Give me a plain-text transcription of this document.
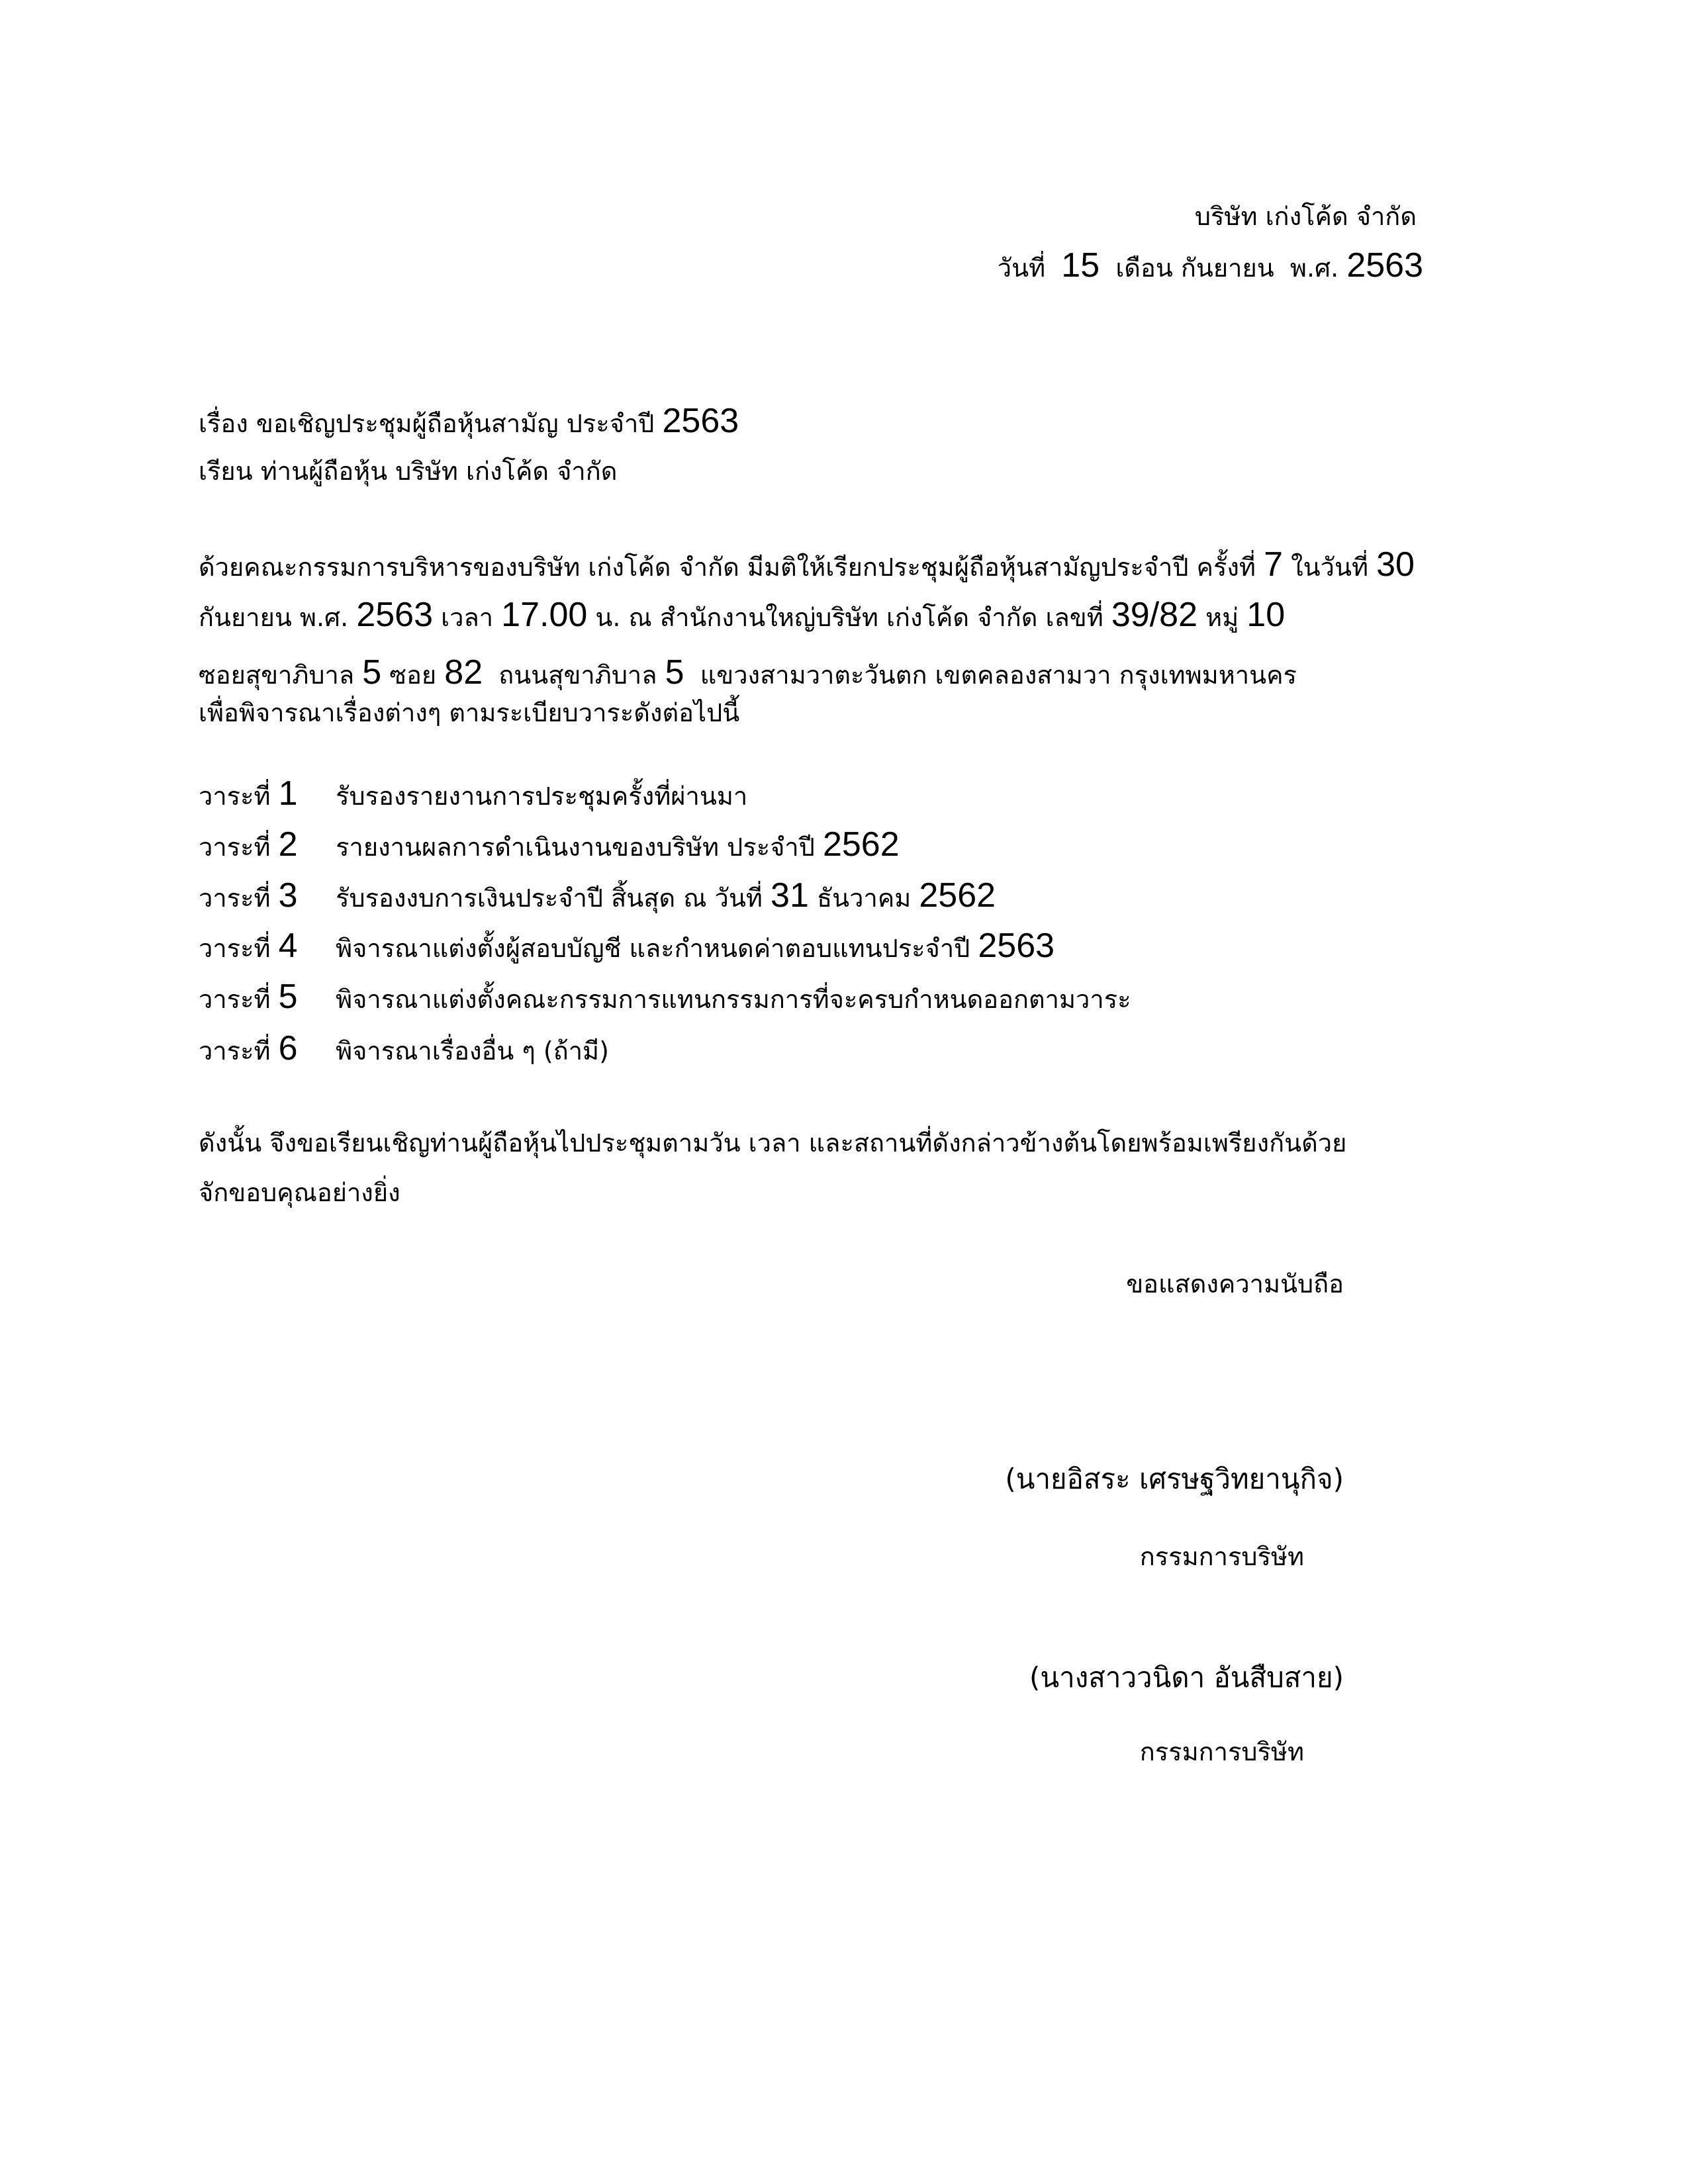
บริษัท เก่งโค้ด จำกัด
วันที่ 15 เดือน กันยายน พ.ศ. 2563
เรื่อง ขอเชิญประชุมผู้ถือหุ้นสามัญ ประจำปี 2563
เรียน ท่านผู้ถือหุ้น บริษัท เก่งโค้ด จำกัด
ด้วยคณะกรรมการบริหารของบริษัท เก่งโค้ด จำกัด มีมติให้เรียกประชุมผู้ถือหุ้นสามัญประจำปี ครั้งที่ 7 ในวันที่ 30
กันยายน พ.ศ. 2563 เวลา 17.00 น. ณ สำนักงานใหญ่บริษัท เก่งโค้ด จำกัด เลขที่ 39/82 หมู่ 10
ซอยสุขาภิบาล 5 ซอย 82 ถนนสุขาภิบาล 5 แขวงสามวาตะวันตก เขตคลองสามวา กรุงเทพมหานคร
เพื่อพิจารณาเรื่องต่างๆ ตามระเบียบวาระดังต่อไปนี้
วาระที่ 1 รับรองรายงานการประชุมครั้งที่ผ่านมา
วาระที่ 2 รายงานผลการดำเนินงานของบริษัท ประจำปี 2562
วาระที่ 3 รับรองงบการเงินประจำปี สิ้นสุด ณ วันที่ 31 ธันวาคม 2562
วาระที่ 4 พิจารณาแต่งตั้งผู้สอบบัญชี และกำหนดค่าตอบแทนประจำปี 2563
วาระที่ 5 พิจารณาแต่งตั้งคณะกรรมการแทนกรรมการที่จะครบกำหนดออกตามวาระ
วาระที่ 6 พิจารณาเรื่องอื่น ๆ (ถ้ามี)
ดังนั้น จึงขอเรียนเชิญท่านผู้ถือหุ้นไปประชุมตามวัน เวลา และสถานที่ดังกล่าวข้างต้นโดยพร้อมเพรียงกันด้วย
จักขอบคุณอย่างยิ่ง
ขอแสดงความนับถือ
(นายอิสระ เศรษฐวิทยานุกิจ)
กรรมการบริษัท
(นางสาววนิดา อันสืบสาย)
กรรมการบริษัท
